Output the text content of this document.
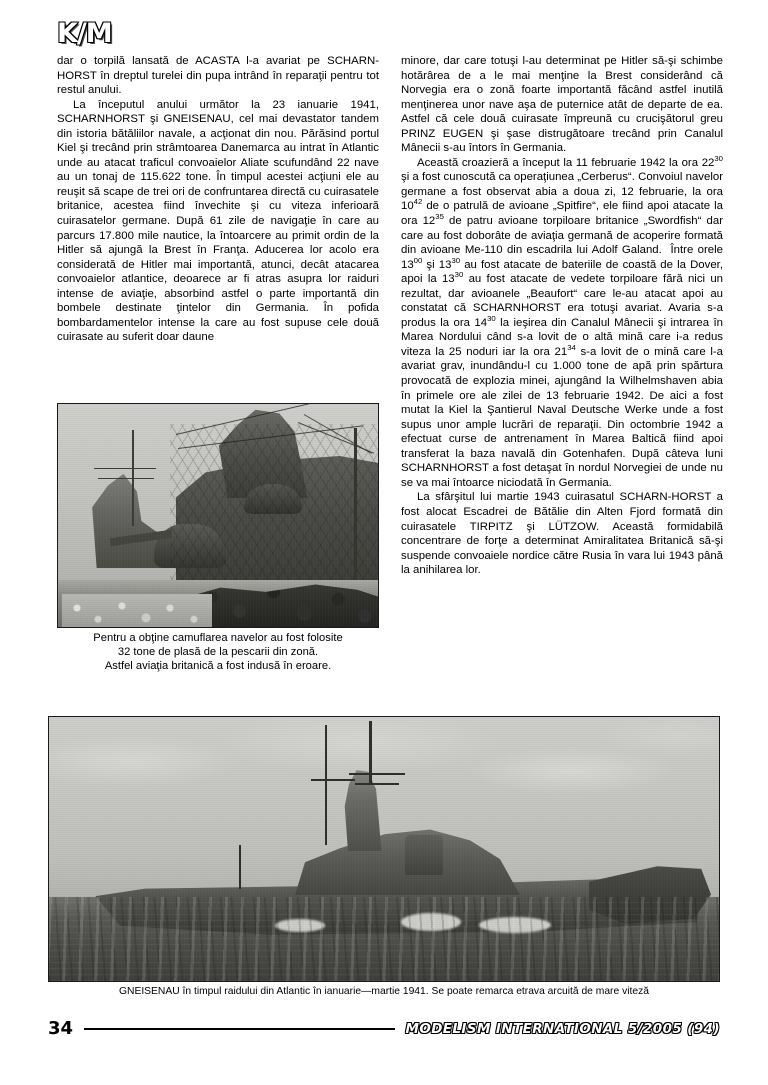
K/M

dar o torpilă lansată de ACASTA l-a avariat pe SCHARN-HORST în dreptul turelei din pupa intrând în reparaţii pentru tot restul anului.

La începutul anului următor la 23 ianuarie 1941, SCHARNHORST şi GNEISENAU, cel mai devastator tandem din istoria bătăliilor navale, a acţionat din nou. Părăsind portul Kiel şi trecând prin strâmtoarea Danemarca au intrat în Atlantic unde au atacat traficul convoaielor Aliate scufundând 22 nave au un tonaj de 115.622 tone. În timpul acestei acţiuni ele au reuşit să scape de trei ori de confruntarea directă cu cuirasatele britanice, acestea fiind învechite şi cu viteza inferioară cuirasatelor germane. După 61 zile de navigaţie în care au parcurs 17.800 mile nautice, la întoarcere au primit ordin de la Hitler să ajungă la Brest în Franţa. Aducerea lor acolo era considerată de Hitler mai importantă, atunci, decât atacarea convoaielor atlantice, deoarece ar fi atras asupra lor raiduri intense de aviaţie, absorbind astfel o parte importantă din bombele destinate ţintelor din Germania. În pofida bombardamentelor intense la care au fost supuse cele două cuirasate au suferit doar daune

minore, dar care totuşi l-au determinat pe Hitler să-şi schimbe hotărârea de a le mai menţine la Brest considerând că Norvegia era o zonă foarte importantă făcând astfel inutilă menţinerea unor nave aşa de puternice atât de departe de ea. Astfel că cele două cuirasate împreună cu crucişătorul greu PRINZ EUGEN şi şase distrugătoare trecând prin Canalul Mânecii s-au întors în Germania.

Această croazieră a început la 11 februarie 1942 la ora $22^{30}$ şi a fost cunoscută ca operaţiunea „Cerberus“. Convoiul navelor germane a fost observat abia a doua zi, 12 februarie, la ora $10^{42}$ de o patrulă de avioane „Spitfire“, ele fiind apoi atacate la ora $12^{35}$ de patru avioane torpiloare britanice „Swordfish“ dar care au fost doborâte de aviaţia germană de acoperire formată din avioane Me-110 din escadrila lui Adolf Galand.  Între orele $13^{00}$ şi $13^{30}$ au fost atacate de bateriile de coastă de la Dover, apoi la $13^{30}$ au fost atacate de vedete torpiloare fără nici un rezultat, dar avioanele „Beaufort“ care le-au atacat apoi au constatat că SCHARNHORST era totuşi avariat. Avaria s-a produs la ora $14^{30}$ la ieşirea din Canalul Mânecii şi intrarea în Marea Nordului când s-a lovit de o altă mină care i-a redus viteza la 25 noduri iar la ora $21^{34}$ s-a lovit de o mină care l-a avariat grav, inundându-l cu 1.000 tone de apă prin spărtura provocată de explozia minei, ajungând la Wilhelmshaven abia în primele ore ale zilei de 13 februarie 1942. De aici a fost mutat la Kiel la Şantierul Naval Deutsche Werke unde a fost supus unor ample lucrări de reparaţii. Din octombrie 1942 a efectuat curse de antrenament în Marea Baltică fiind apoi transferat la baza navală din Gotenhafen. După câteva luni SCHARNHORST a fost detaşat în nordul Norvegiei de unde nu se va mai întoarce niciodată în Germania.

La sfârşitul lui martie 1943 cuirasatul SCHARN-HORST a fost alocat Escadrei de Bătălie din Alten Fjord formată din cuirasatele TIRPITZ şi LÜTZOW. Această formidabilă concentrare de forţe a determinat Amiralitatea Britanică să-şi suspende convoaiele nordice către Rusia în vara lui 1943 până la anihilarea lor.

Pentru a obţine camuflarea navelor au fost folosite
32 tone de plasă de la pescarii din zonă.
Astfel aviaţia britanică a fost indusă în eroare.
GNEISENAU în timpul raidului din Atlantic în ianuarie—martie 1941. Se poate remarca etrava arcuită de mare viteză
34	MODELISM INTERNATIONAL 5/2005 (94)
